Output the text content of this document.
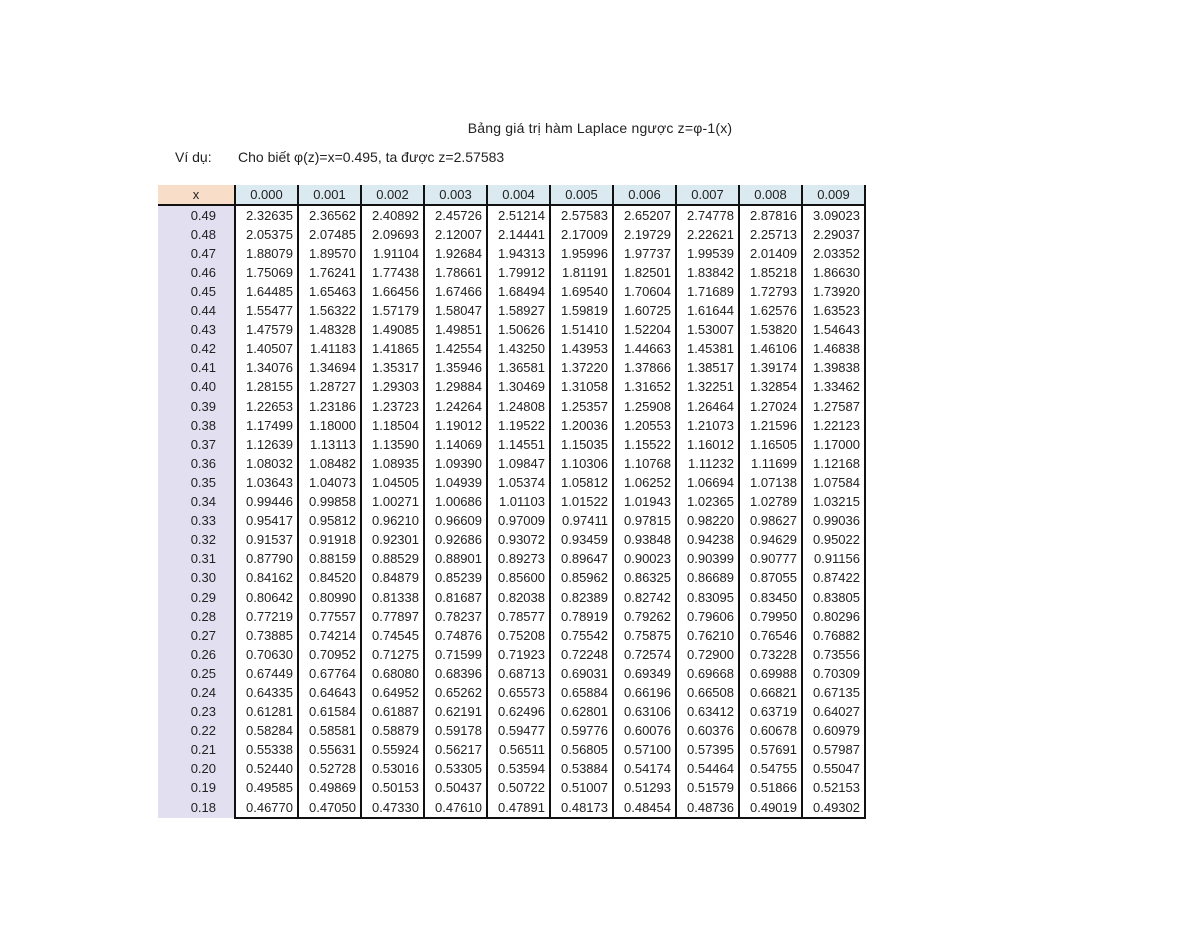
Bảng giá trị hàm Laplace ngược z=φ-1(x)
Ví dụ: Cho biết φ(z)=x=0.495, ta được z=2.57583
x	0.000	0.001	0.002	0.003	0.004	0.005	0.006	0.007	0.008	0.009
0.49	2.32635	2.36562	2.40892	2.45726	2.51214	2.57583	2.65207	2.74778	2.87816	3.09023
0.48	2.05375	2.07485	2.09693	2.12007	2.14441	2.17009	2.19729	2.22621	2.25713	2.29037
0.47	1.88079	1.89570	1.91104	1.92684	1.94313	1.95996	1.97737	1.99539	2.01409	2.03352
0.46	1.75069	1.76241	1.77438	1.78661	1.79912	1.81191	1.82501	1.83842	1.85218	1.86630
0.45	1.64485	1.65463	1.66456	1.67466	1.68494	1.69540	1.70604	1.71689	1.72793	1.73920
0.44	1.55477	1.56322	1.57179	1.58047	1.58927	1.59819	1.60725	1.61644	1.62576	1.63523
0.43	1.47579	1.48328	1.49085	1.49851	1.50626	1.51410	1.52204	1.53007	1.53820	1.54643
0.42	1.40507	1.41183	1.41865	1.42554	1.43250	1.43953	1.44663	1.45381	1.46106	1.46838
0.41	1.34076	1.34694	1.35317	1.35946	1.36581	1.37220	1.37866	1.38517	1.39174	1.39838
0.40	1.28155	1.28727	1.29303	1.29884	1.30469	1.31058	1.31652	1.32251	1.32854	1.33462
0.39	1.22653	1.23186	1.23723	1.24264	1.24808	1.25357	1.25908	1.26464	1.27024	1.27587
0.38	1.17499	1.18000	1.18504	1.19012	1.19522	1.20036	1.20553	1.21073	1.21596	1.22123
0.37	1.12639	1.13113	1.13590	1.14069	1.14551	1.15035	1.15522	1.16012	1.16505	1.17000
0.36	1.08032	1.08482	1.08935	1.09390	1.09847	1.10306	1.10768	1.11232	1.11699	1.12168
0.35	1.03643	1.04073	1.04505	1.04939	1.05374	1.05812	1.06252	1.06694	1.07138	1.07584
0.34	0.99446	0.99858	1.00271	1.00686	1.01103	1.01522	1.01943	1.02365	1.02789	1.03215
0.33	0.95417	0.95812	0.96210	0.96609	0.97009	0.97411	0.97815	0.98220	0.98627	0.99036
0.32	0.91537	0.91918	0.92301	0.92686	0.93072	0.93459	0.93848	0.94238	0.94629	0.95022
0.31	0.87790	0.88159	0.88529	0.88901	0.89273	0.89647	0.90023	0.90399	0.90777	0.91156
0.30	0.84162	0.84520	0.84879	0.85239	0.85600	0.85962	0.86325	0.86689	0.87055	0.87422
0.29	0.80642	0.80990	0.81338	0.81687	0.82038	0.82389	0.82742	0.83095	0.83450	0.83805
0.28	0.77219	0.77557	0.77897	0.78237	0.78577	0.78919	0.79262	0.79606	0.79950	0.80296
0.27	0.73885	0.74214	0.74545	0.74876	0.75208	0.75542	0.75875	0.76210	0.76546	0.76882
0.26	0.70630	0.70952	0.71275	0.71599	0.71923	0.72248	0.72574	0.72900	0.73228	0.73556
0.25	0.67449	0.67764	0.68080	0.68396	0.68713	0.69031	0.69349	0.69668	0.69988	0.70309
0.24	0.64335	0.64643	0.64952	0.65262	0.65573	0.65884	0.66196	0.66508	0.66821	0.67135
0.23	0.61281	0.61584	0.61887	0.62191	0.62496	0.62801	0.63106	0.63412	0.63719	0.64027
0.22	0.58284	0.58581	0.58879	0.59178	0.59477	0.59776	0.60076	0.60376	0.60678	0.60979
0.21	0.55338	0.55631	0.55924	0.56217	0.56511	0.56805	0.57100	0.57395	0.57691	0.57987
0.20	0.52440	0.52728	0.53016	0.53305	0.53594	0.53884	0.54174	0.54464	0.54755	0.55047
0.19	0.49585	0.49869	0.50153	0.50437	0.50722	0.51007	0.51293	0.51579	0.51866	0.52153
0.18	0.46770	0.47050	0.47330	0.47610	0.47891	0.48173	0.48454	0.48736	0.49019	0.49302
